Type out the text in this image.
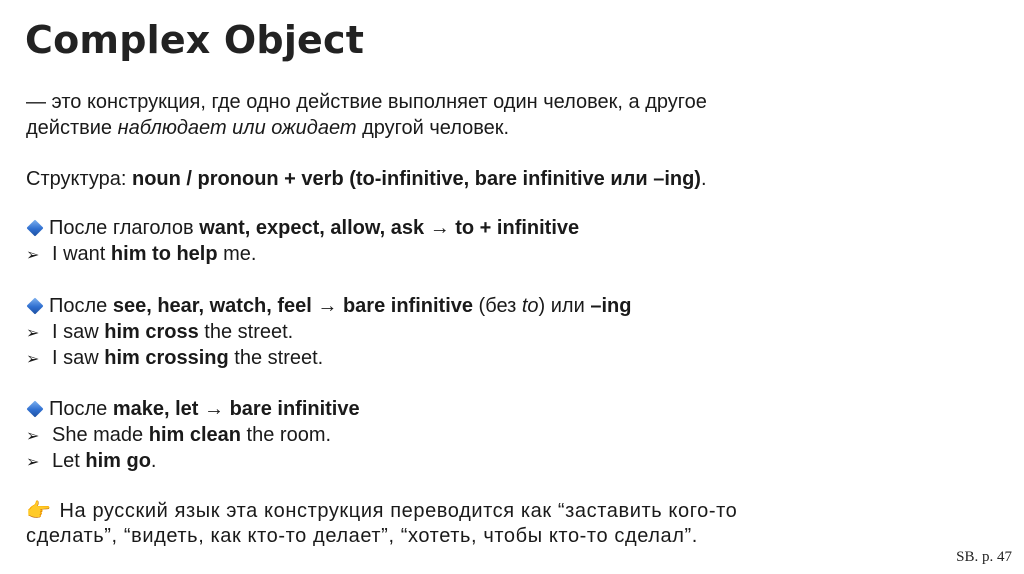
Complex Object
— это конструкция, где одно действие выполняет один человек, а другое
действие наблюдает или ожидает другой человек.
Структура: noun / pronoun + verb (to-infinitive, bare infinitive или –ing).
После глаголов want, expect, allow, ask → to + infinitive
➢ I want him to help me.
После see, hear, watch, feel → bare infinitive (без to) или –ing
➢ I saw him cross the street.
➢ I saw him crossing the street.
После make, let → bare infinitive
➢ She made him clean the room.
➢ Let him go.
👉 На русский язык эта конструкция переводится как “заставить кого-то
сделать”, “видеть, как кто-то делает”, “хотеть, чтобы кто-то сделал”.
SB. p. 47
